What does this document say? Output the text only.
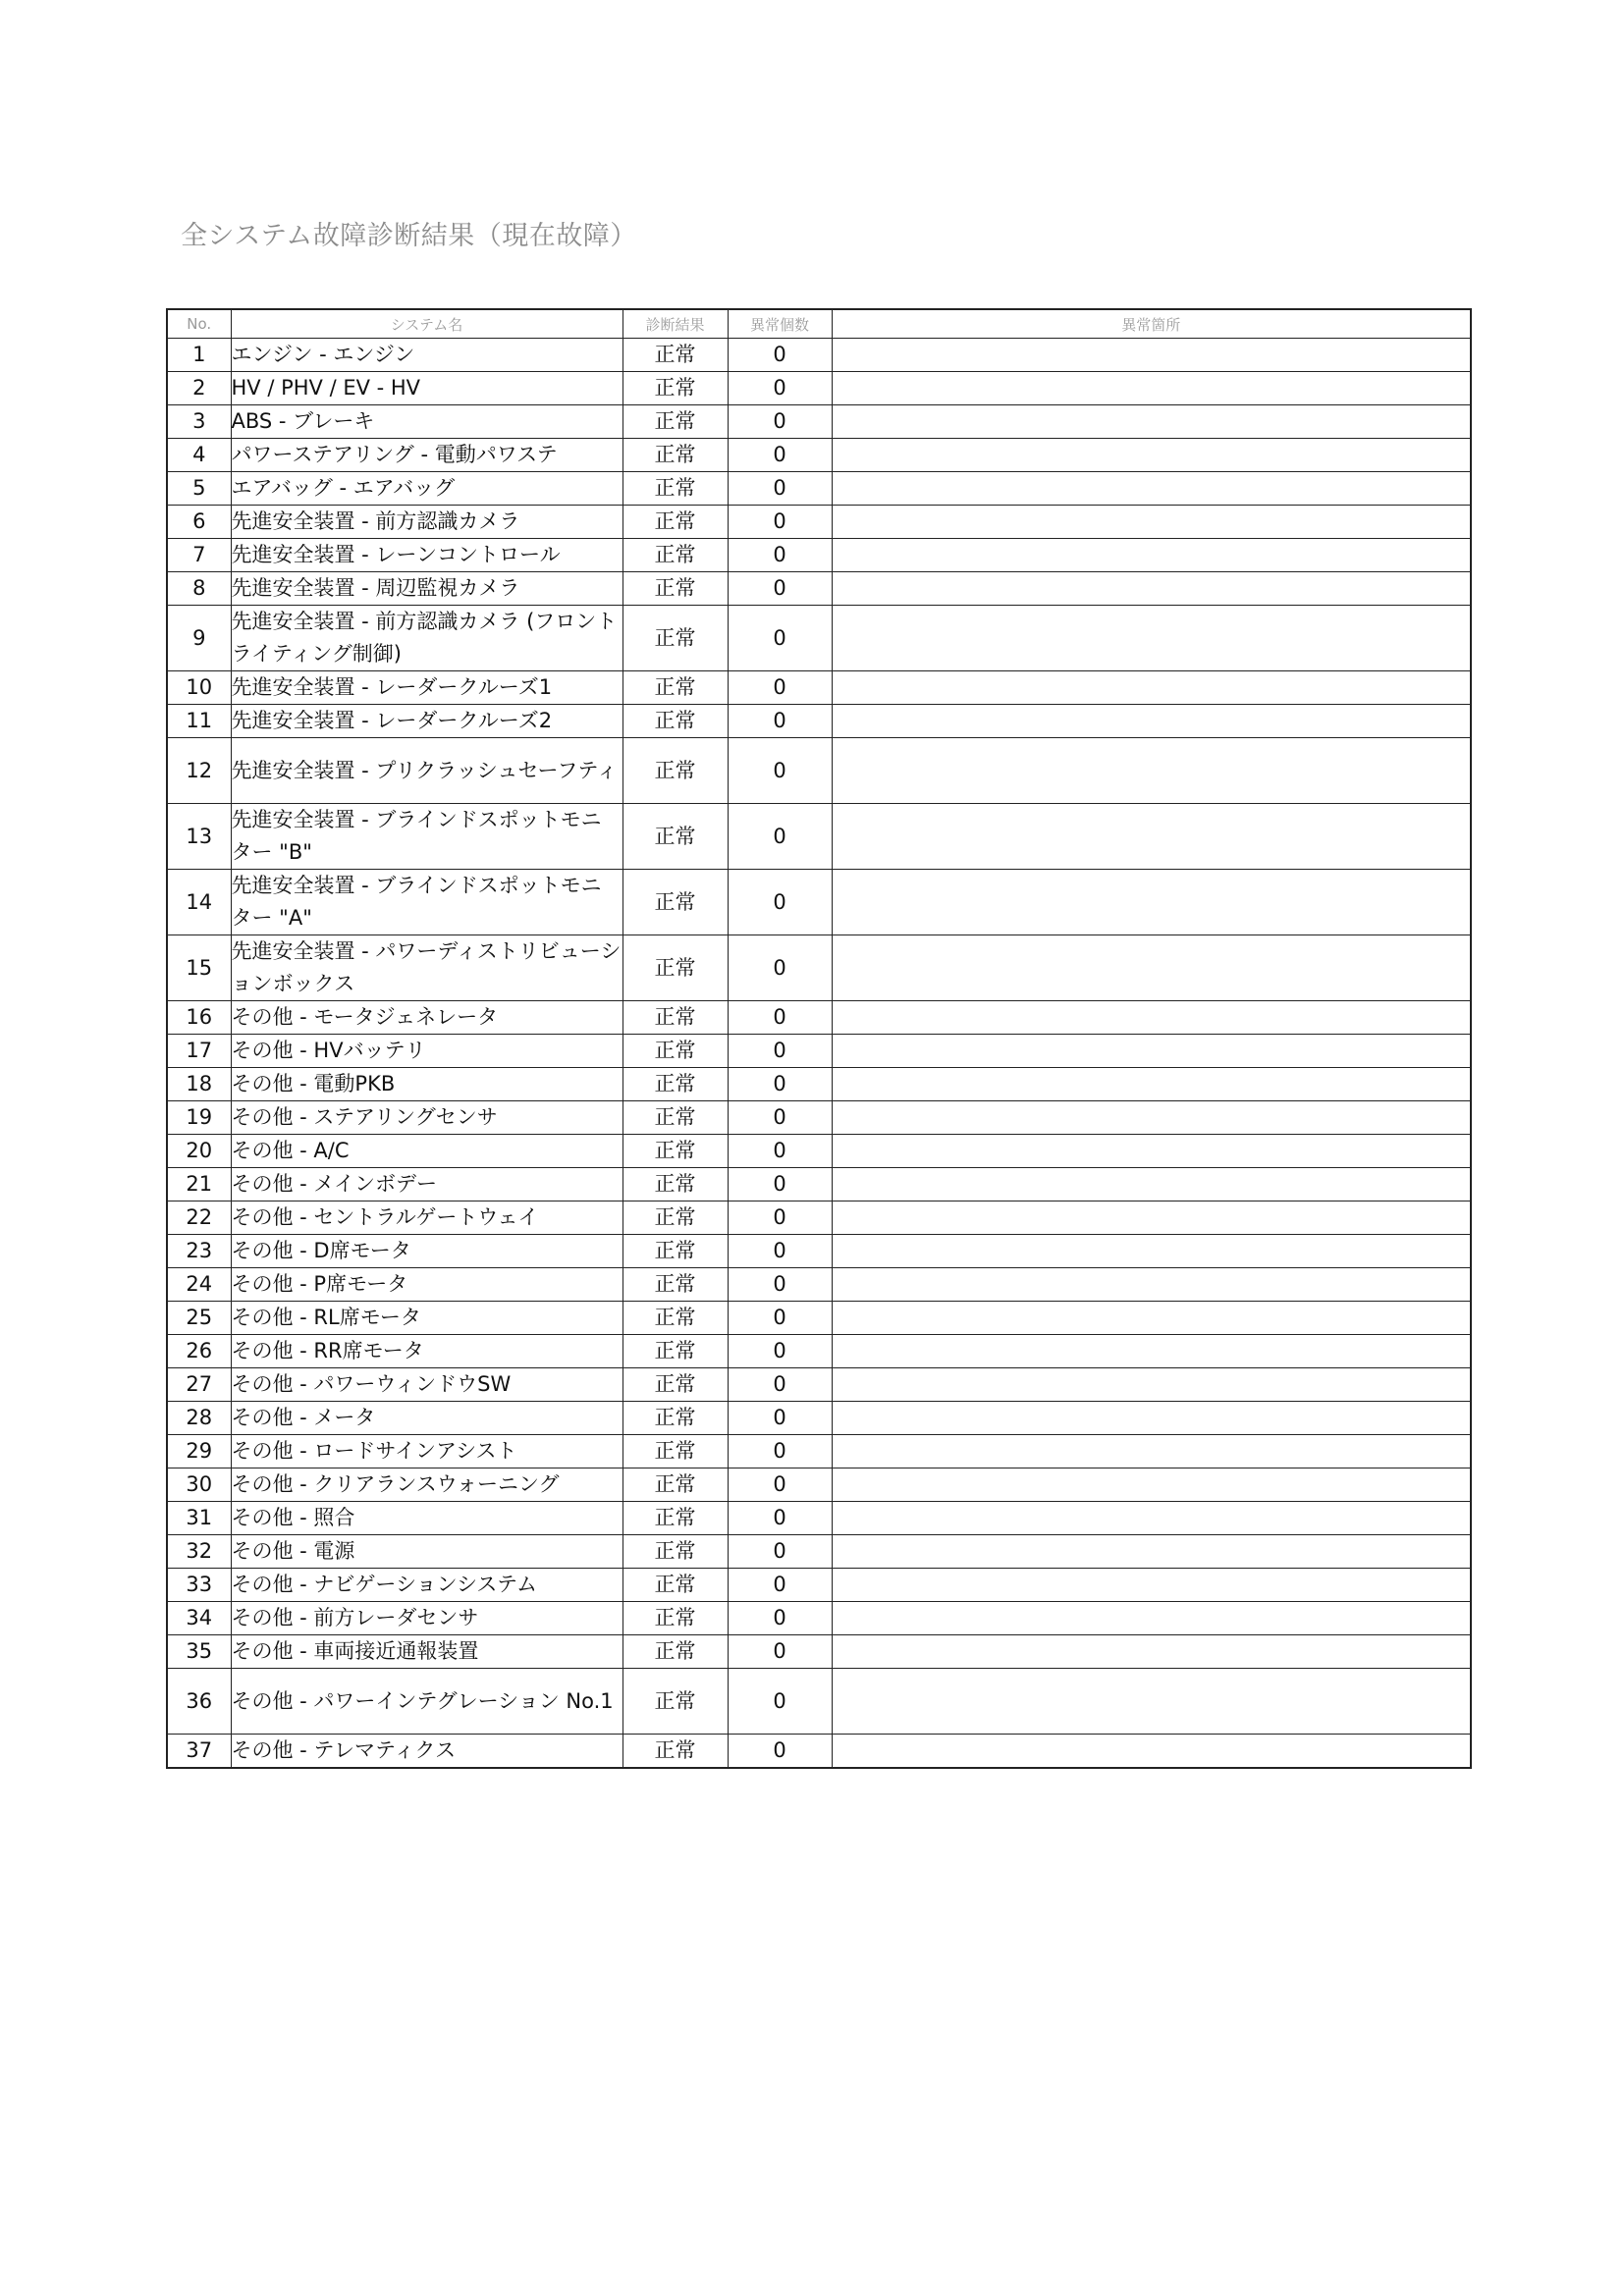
全システム故障診断結果（現在故障）
No.	システム名	診断結果	異常個数	異常箇所
1	エンジン - エンジン	正常	0	
2	HV / PHV / EV - HV	正常	0	
3	ABS - ブレーキ	正常	0	
4	パワーステアリング - 電動パワステ	正常	0	
5	エアバッグ - エアバッグ	正常	0	
6	先進安全装置 - 前方認識カメラ	正常	0	
7	先進安全装置 - レーンコントロール	正常	0	
8	先進安全装置 - 周辺監視カメラ	正常	0	
9	先進安全装置 - 前方認識カメラ (フロントライティング制御)	正常	0	
10	先進安全装置 - レーダークルーズ1	正常	0	
11	先進安全装置 - レーダークルーズ2	正常	0	
12	先進安全装置 - プリクラッシュセーフティ	正常	0	
13	先進安全装置 - ブラインドスポットモニター "B"	正常	0	
14	先進安全装置 - ブラインドスポットモニター "A"	正常	0	
15	先進安全装置 - パワーディストリビューションボックス	正常	0	
16	その他 - モータジェネレータ	正常	0	
17	その他 - HVバッテリ	正常	0	
18	その他 - 電動PKB	正常	0	
19	その他 - ステアリングセンサ	正常	0	
20	その他 - A/C	正常	0	
21	その他 - メインボデー	正常	0	
22	その他 - セントラルゲートウェイ	正常	0	
23	その他 - D席モータ	正常	0	
24	その他 - P席モータ	正常	0	
25	その他 - RL席モータ	正常	0	
26	その他 - RR席モータ	正常	0	
27	その他 - パワーウィンドウSW	正常	0	
28	その他 - メータ	正常	0	
29	その他 - ロードサインアシスト	正常	0	
30	その他 - クリアランスウォーニング	正常	0	
31	その他 - 照合	正常	0	
32	その他 - 電源	正常	0	
33	その他 - ナビゲーションシステム	正常	0	
34	その他 - 前方レーダセンサ	正常	0	
35	その他 - 車両接近通報装置	正常	0	
36	その他 - パワーインテグレーション No.1	正常	0	
37	その他 - テレマティクス	正常	0	
